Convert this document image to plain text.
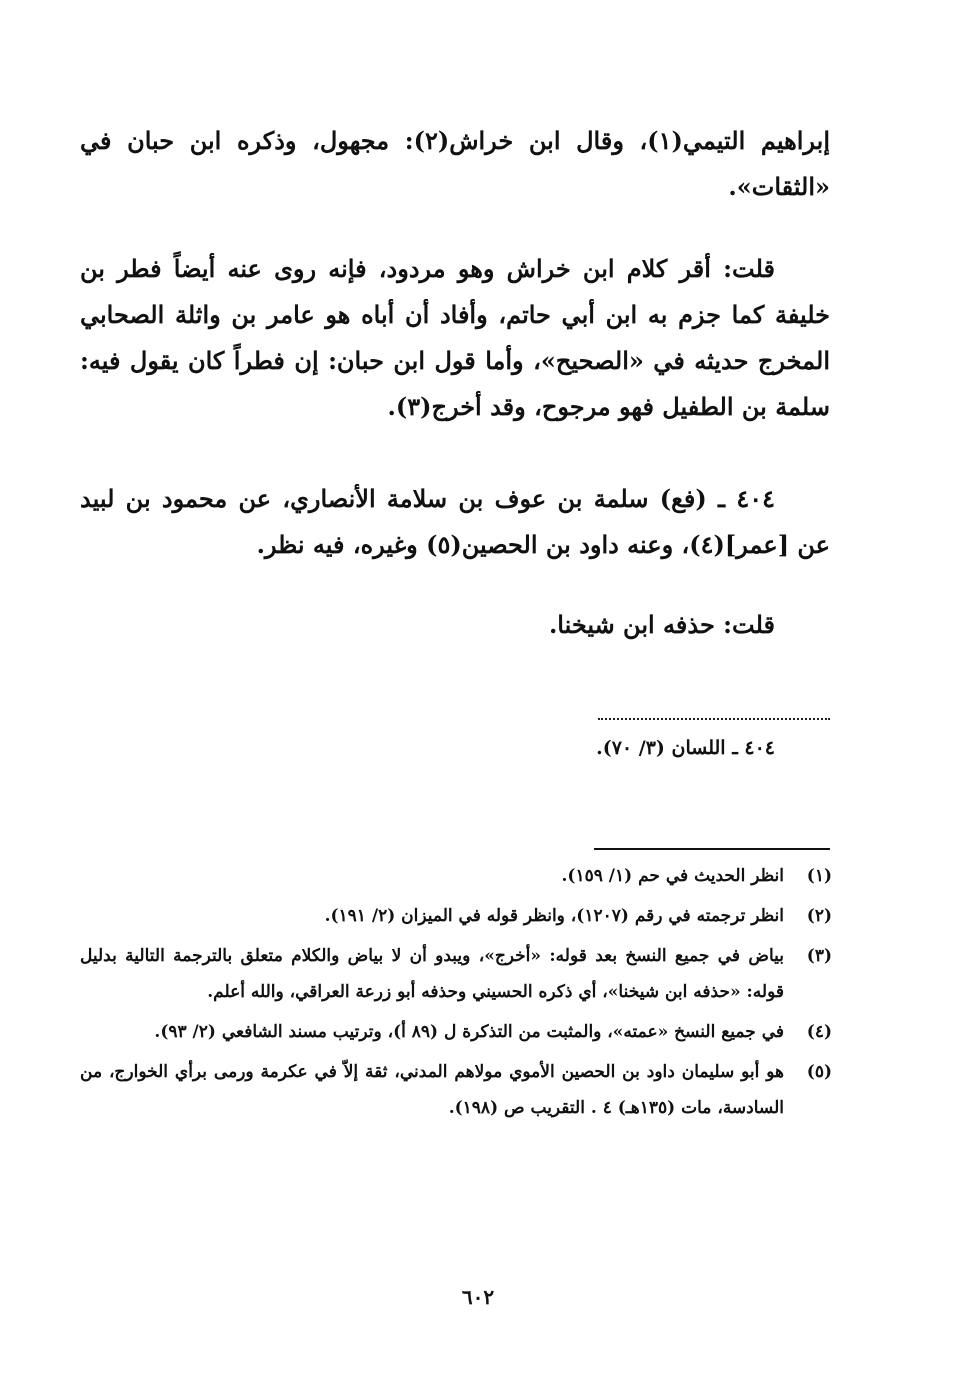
إبراهيم التيمي(١)، وقال ابن خراش(٢): مجهول، وذكره ابن حبان في «الثقات».

قلت: أقر كلام ابن خراش وهو مردود، فإنه روى عنه أيضاً فطر بن خليفة كما جزم به ابن أبي حاتم، وأفاد أن أباه هو عامر بن واثلة الصحابي المخرج حديثه في «الصحيح»، وأما قول ابن حبان: إن فطراً كان يقول فيه: سلمة بن الطفيل فهو مرجوح، وقد أخرج(٣).

٤٠٤ ـ (فع) سلمة بن عوف بن سلامة الأنصاري، عن محمود بن لبيد عن [عمر](٤)، وعنه داود بن الحصين(٥) وغيره، فيه نظر.

قلت: حذفه ابن شيخنا.

٤٠٤ ـ اللسان (٣/ ٧٠).
(١)
انظر الحديث في حم (١/ ١٥٩).
(٢)
انظر ترجمته في رقم (١٢٠٧)، وانظر قوله في الميزان (٢/ ١٩١).
(٣)
بياض في جميع النسخ بعد قوله: «أخرج»، ويبدو أن لا بياض والكلام متعلق بالترجمة التالية بدليل قوله: «حذفه ابن شيخنا»، أي ذكره الحسيني وحذفه أبو زرعة العراقي، والله أعلم.
(٤)
في جميع النسخ «عمته»، والمثبت من التذكرة ل (٨٩ أ)، وترتيب مسند الشافعي (٢/ ٩٣).
(٥)
هو أبو سليمان داود بن الحصين الأموي مولاهم المدني، ثقة إلاّ في عكرمة ورمى برأي الخوارج، من السادسة، مات (١٣٥هـ) ٤ . التقريب ص (١٩٨).
٦٠٢
